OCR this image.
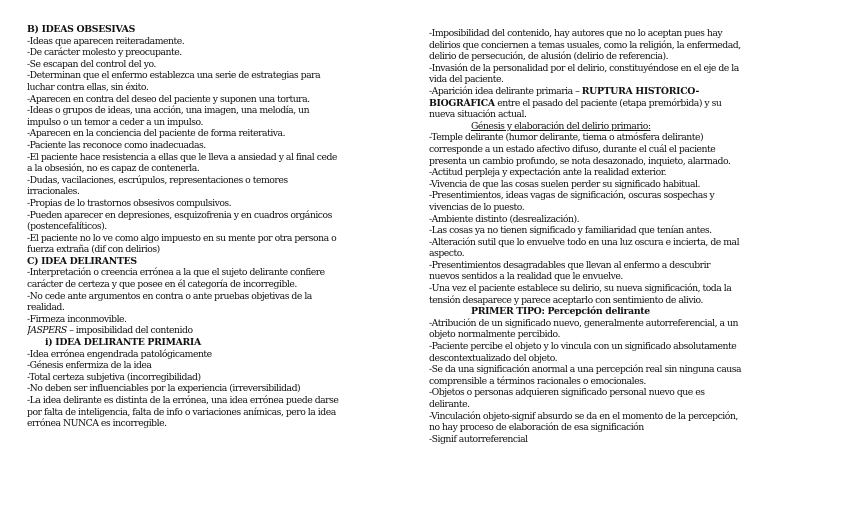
B) IDEAS OBSESIVAS
-Ideas que aparecen reiteradamente.
-De carácter molesto y preocupante.
-Se escapan del control del yo.
-Determinan que el enfermo establezca una serie de estrategias para
luchar contra ellas, sin éxito.
-Aparecen en contra del deseo del paciente y suponen una tortura.
-Ideas o grupos de ideas, una acción, una imagen, una melodía, un
impulso o un temor a ceder a un impulso.
-Aparecen en la conciencia del paciente de forma reiterativa.
-Paciente las reconoce como inadecuadas.
-El paciente hace resistencia a ellas que le lleva a ansiedad y al final cede
a la obsesión, no es capaz de contenerla.
-Dudas, vacilaciones, escrúpulos, representaciones o temores
irracionales.
-Propias de lo trastornos obsesivos compulsivos.
-Pueden aparecer en depresiones, esquizofrenia y en cuadros orgánicos
(postencefalíticos).
-El paciente no lo ve como algo impuesto en su mente por otra persona o
fuerza extraña (dif con delirios)
C) IDEA DELIRANTES
-Interpretación o creencia errónea a la que el sujeto delirante confiere
carácter de certeza y que posee en él categoría de incorregible.
-No cede ante argumentos en contra o ante pruebas objetivas de la
realidad.
-Firmeza inconmovible.
JASPERS – imposibilidad del contenido
i) IDEA DELIRANTE PRIMARIA
-Idea errónea engendrada patológicamente
-Génesis enfermiza de la idea
-Total certeza subjetiva (incorregibilidad)
-No deben ser influenciables por la experiencia (irreversibilidad)
-La idea delirante es distinta de la errónea, una idea errónea puede darse
por falta de inteligencia, falta de info o variaciones anímicas, pero la idea
errónea NUNCA es incorregible.
-Imposibilidad del contenido, hay autores que no lo aceptan pues hay
delirios que conciernen a temas usuales, como la religión, la enfermedad,
delirio de persecución, de alusión (delirio de referencia).
-Invasión de la personalidad por el delirio, constituyéndose en el eje de la
vida del paciente.
-Aparición idea delirante primaria – RUPTURA HISTÓRICO-
BIOGRÁFICA entre el pasado del paciente (etapa premórbida) y su
nueva situación actual.
Génesis y elaboración del delirio primario:
-Temple delirante (humor delirante, tiema o atmósfera delirante)
corresponde a un estado afectivo difuso, durante el cuál el paciente
presenta un cambio profundo, se nota desazonado, inquieto, alarmado.
-Actitud perpleja y expectación ante la realidad exterior.
-Vivencia de que las cosas suelen perder su significado habitual.
-Presentimientos, ideas vagas de significación, oscuras sospechas y
vivencias de lo puesto.
-Ambiente distinto (desrealización).
-Las cosas ya no tienen significado y familiaridad que tenían antes.
-Alteración sutil que lo envuelve todo en una luz oscura e incierta, de mal
aspecto.
-Presentimientos desagradables que llevan al enfermo a descubrir
nuevos sentidos a la realidad que le envuelve.
-Una vez el paciente establece su delirio, su nueva significación, toda la
tensión desaparece y parece aceptarlo con sentimiento de alivio.
PRIMER TIPO: Percepción delirante
-Atribución de un significado nuevo, generalmente autorreferencial, a un
objeto normalmente percibido.
-Paciente percibe el objeto y lo vincula con un significado absolutamente
descontextualizado del objeto.
-Se da una significación anormal a una percepción real sin ninguna causa
comprensible a términos racionales o emocionales.
-Objetos o personas adquieren significado personal nuevo que es
delirante.
-Vinculación objeto-signif absurdo se da en el momento de la percepción,
no hay proceso de elaboración de esa significación
-Signif autorreferencial
